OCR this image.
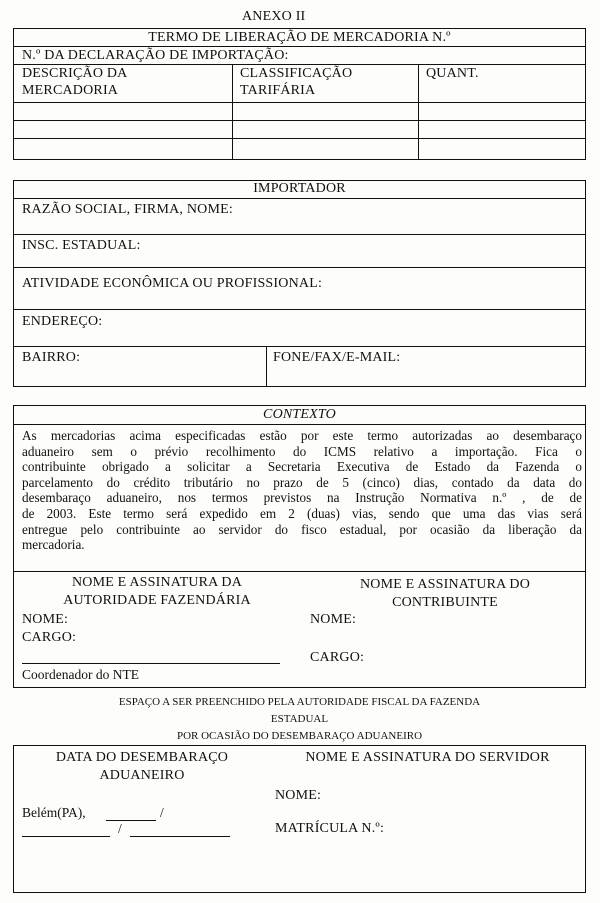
ANEXO II
TERMO DE LIBERAÇÃO DE MERCADORIA N.º
N.º DA DECLARAÇÃO DE IMPORTAÇÃO:
DESCRIÇÃO DA
MERCADORIA
CLASSIFICAÇÃO
TARIFÁRIA
QUANT.
IMPORTADOR
RAZÃO SOCIAL, FIRMA, NOME:
INSC. ESTADUAL:
ATIVIDADE ECONÔMICA OU PROFISSIONAL:
ENDEREÇO:
BAIRRO:	FONE/FAX/E-MAIL:
CONTEXTO
As mercadorias acima especificadas estão por este termo autorizadas ao desembaraço
aduaneiro sem o prévio recolhimento do ICMS relativo a importação. Fica o
contribuinte obrigado a solicitar a Secretaria Executiva de Estado da Fazenda o
parcelamento do crédito tributário no prazo de 5 (cinco) dias, contado da data do
desembaraço aduaneiro, nos termos previstos na Instrução Normativa n.º , de de
de 2003. Este termo será expedido em 2 (duas) vias, sendo que uma das vias será
entregue pelo contribuinte ao servidor do fisco estadual, por ocasião da liberação da
mercadoria.
NOME E ASSINATURA DA
AUTORIDADE FAZENDÁRIA
NOME:
CARGO:
Coordenador do NTE
NOME E ASSINATURA DO
CONTRIBUINTE
NOME:
CARGO:
ESPAÇO A SER PREENCHIDO PELA AUTORIDADE FISCAL DA FAZENDA
ESTADUAL
POR OCASIÃO DO DESEMBARAÇO ADUANEIRO
DATA DO DESEMBARAÇO
ADUANEIRO
Belém(PA),	/
/
NOME E ASSINATURA DO SERVIDOR
NOME:
MATRÍCULA N.º:
